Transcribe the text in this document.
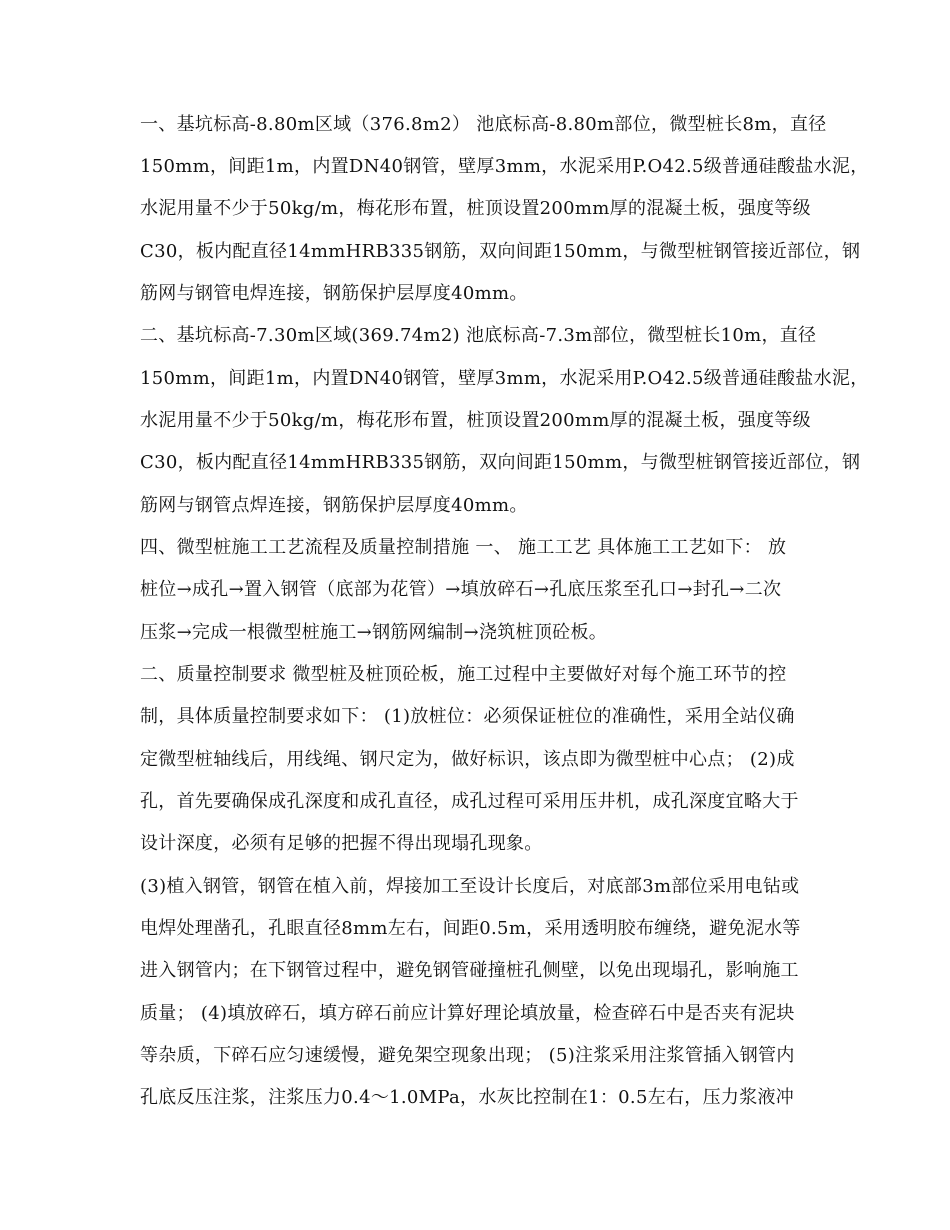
一、基坑标高-8.80m区域（376.8m2） 池底标高-8.80m部位，微型桩长8m，直径
150mm，间距1m，内置DN40钢管，壁厚3mm，水泥采用P.O42.5级普通硅酸盐水泥，
水泥用量不少于50kg/m，梅花形布置，桩顶设置200mm厚的混凝土板，强度等级
C30，板内配直径14mmHRB335钢筋，双向间距150mm，与微型桩钢管接近部位，钢
筋网与钢管电焊连接，钢筋保护层厚度40mm。
二、基坑标高-7.30m区域(369.74m2) 池底标高-7.3m部位，微型桩长10m，直径
150mm，间距1m，内置DN40钢管，壁厚3mm，水泥采用P.O42.5级普通硅酸盐水泥，
水泥用量不少于50kg/m，梅花形布置，桩顶设置200mm厚的混凝土板，强度等级
C30，板内配直径14mmHRB335钢筋，双向间距150mm，与微型桩钢管接近部位，钢
筋网与钢管点焊连接，钢筋保护层厚度40mm。
四、微型桩施工工艺流程及质量控制措施 一、 施工工艺 具体施工工艺如下： 放
桩位→成孔→置入钢管（底部为花管）→填放碎石→孔底压浆至孔口→封孔→二次
压浆→完成一根微型桩施工→钢筋网编制→浇筑桩顶砼板。
二、质量控制要求 微型桩及桩顶砼板，施工过程中主要做好对每个施工环节的控
制，具体质量控制要求如下： (1)放桩位：必须保证桩位的准确性，采用全站仪确
定微型桩轴线后，用线绳、钢尺定为，做好标识，该点即为微型桩中心点； (2)成
孔，首先要确保成孔深度和成孔直径，成孔过程可采用压井机，成孔深度宜略大于
设计深度，必须有足够的把握不得出现塌孔现象。
(3)植入钢管，钢管在植入前，焊接加工至设计长度后，对底部3m部位采用电钻或
电焊处理凿孔，孔眼直径8mm左右，间距0.5m，采用透明胶布缠绕，避免泥水等
进入钢管内；在下钢管过程中，避免钢管碰撞桩孔侧壁，以免出现塌孔，影响施工
质量； (4)填放碎石，填方碎石前应计算好理论填放量，检查碎石中是否夹有泥块
等杂质，下碎石应匀速缓慢，避免架空现象出现； (5)注浆采用注浆管插入钢管内
孔底反压注浆，注浆压力0.4～1.0MPa，水灰比控制在1：0.5左右，压力浆液冲
